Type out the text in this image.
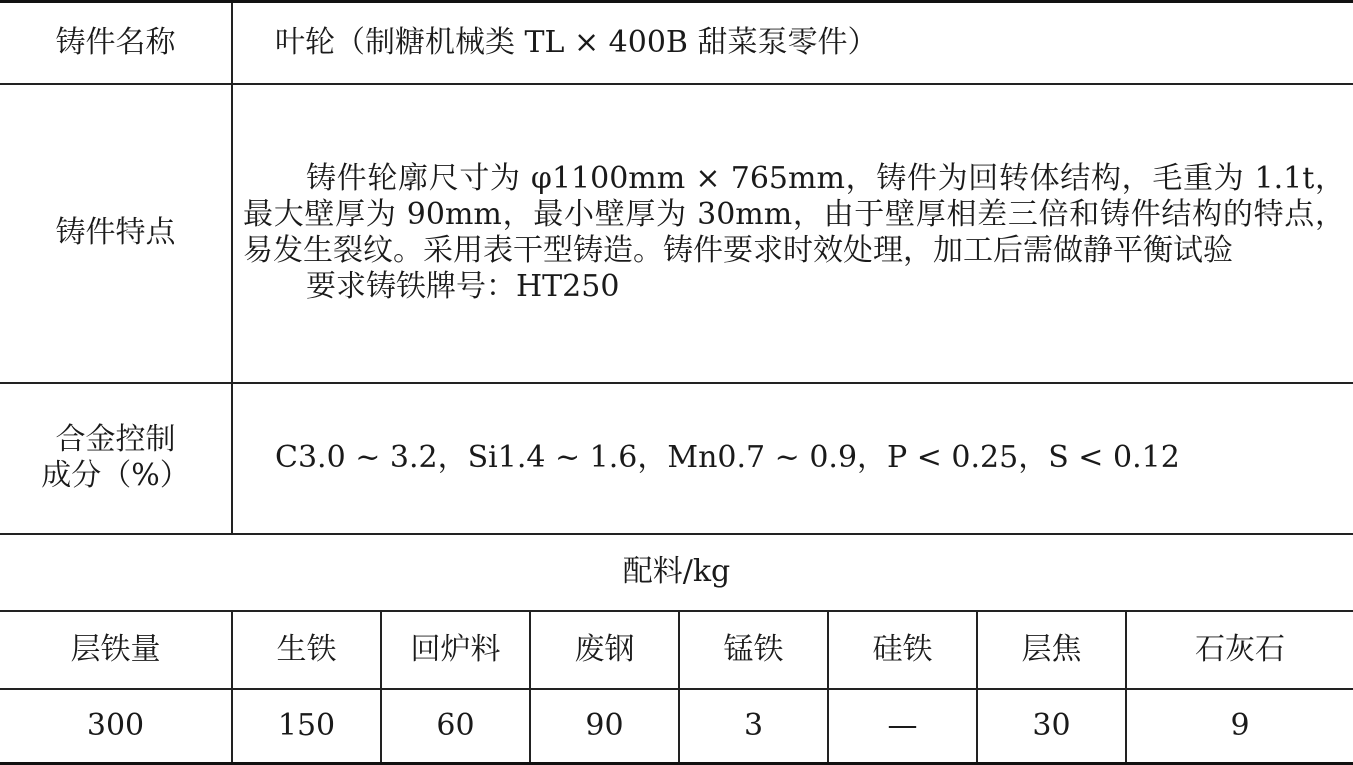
铸件名称	叶轮（制糖机械类 TL × 400B 甜菜泵零件）						
铸件特点	铸件轮廓尺寸为 φ1100mm × 765mm，铸件为回转体结构，毛重为 1.1t，最大壁厚为 90mm，最小壁厚为 30mm，由于壁厚相差三倍和铸件结构的特点，易发生裂纹。采用表干型铸造。铸件要求时效处理，加工后需做静平衡试验

要求铸铁牌号：HT250						

合金控制
成分（%）	C3.0 ~ 3.2，Si1.4 ~ 1.6，Mn0.7 ~ 0.9，P < 0.25，S < 0.12						
配料/kg							
层铁量	生铁	回炉料	废钢	锰铁	硅铁	层焦	石灰石
300	150	60	90	3	—	30	9
